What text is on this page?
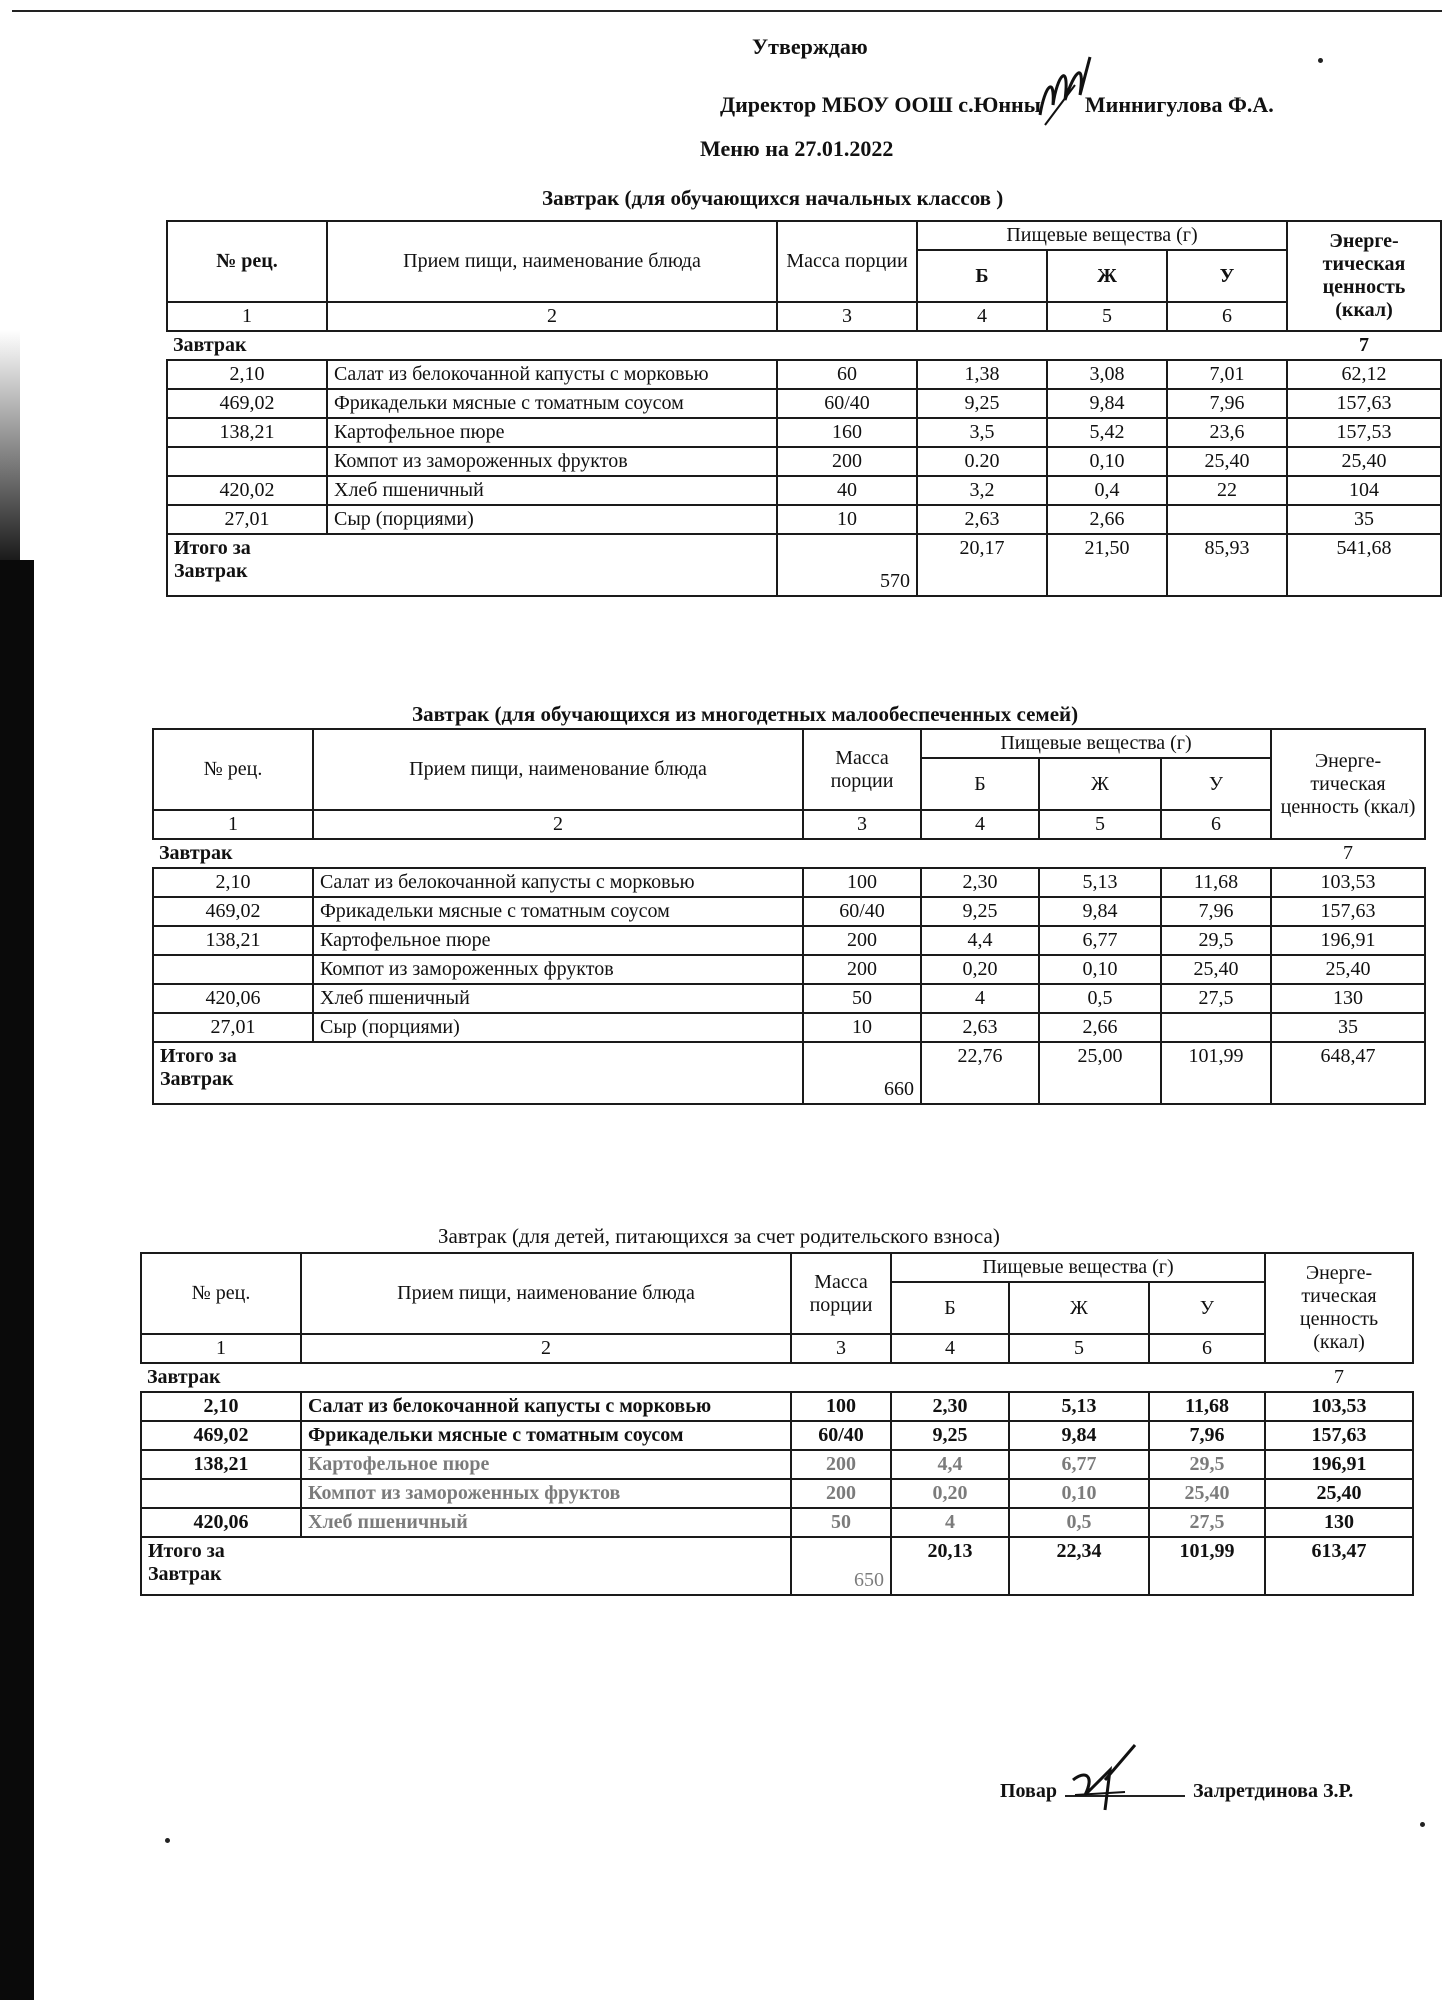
Утверждаю
Директор МБОУ ООШ с.Юнны Миннигулова Ф.А.
Меню на 27.01.2022
Завтрак (для обучающихся начальных классов )
№ рец.	Прием пищи, наименование блюда	Масса порции	Пищевые вещества (г)			Энерге-тическая ценность (ккал)
			Б	Ж	У	
1	2	3	4	5	6	
Завтрак						7
2,10	Салат из белокочанной капусты с морковью	60	1,38	3,08	7,01	62,12
469,02	Фрикадельки мясные с томатным соусом	60/40	9,25	9,84	7,96	157,63
138,21	Картофельное пюре	160	3,5	5,42	23,6	157,53
	Компот из замороженных фруктов	200	0.20	0,10	25,40	25,40
420,02	Хлеб пшеничный	40	3,2	0,4	22	104
27,01	Сыр (порциями)	10	2,63	2,66		35

Итого за
Завтрак		570	20,17	21,50	85,93	541,68
Завтрак (для обучающихся из многодетных малообеспеченных семей)
№ рец.	Прием пищи, наименование блюда	Масса порции	Пищевые вещества (г)			Энерге-тическая ценность (ккал)
			Б	Ж	У	
1	2	3	4	5	6	
Завтрак						7
2,10	Салат из белокочанной капусты с морковью	100	2,30	5,13	11,68	103,53
469,02	Фрикадельки мясные с томатным соусом	60/40	9,25	9,84	7,96	157,63
138,21	Картофельное пюре	200	4,4	6,77	29,5	196,91
	Компот из замороженных фруктов	200	0,20	0,10	25,40	25,40
420,06	Хлеб пшеничный	50	4	0,5	27,5	130
27,01	Сыр (порциями)	10	2,63	2,66		35

Итого за
Завтрак		660	22,76	25,00	101,99	648,47
Завтрак (для детей, питающихся за счет родительского взноса)
№ рец.	Прием пищи, наименование блюда	Масса порции	Пищевые вещества (г)			Энерге-тическая ценность (ккал)
			Б	Ж	У	
1	2	3	4	5	6	
Завтрак						7
2,10	Салат из белокочанной капусты с морковью	100	2,30	5,13	11,68	103,53
469,02	Фрикадельки мясные с томатным соусом	60/40	9,25	9,84	7,96	157,63
138,21	Картофельное пюре	200	4,4	6,77	29,5	196,91
	Компот из замороженных фруктов	200	0,20	0,10	25,40	25,40
420,06	Хлеб пшеничный	50	4	0,5	27,5	130

Итого за
Завтрак		650	20,13	22,34	101,99	613,47
Повар	Залретдинова З.Р.
